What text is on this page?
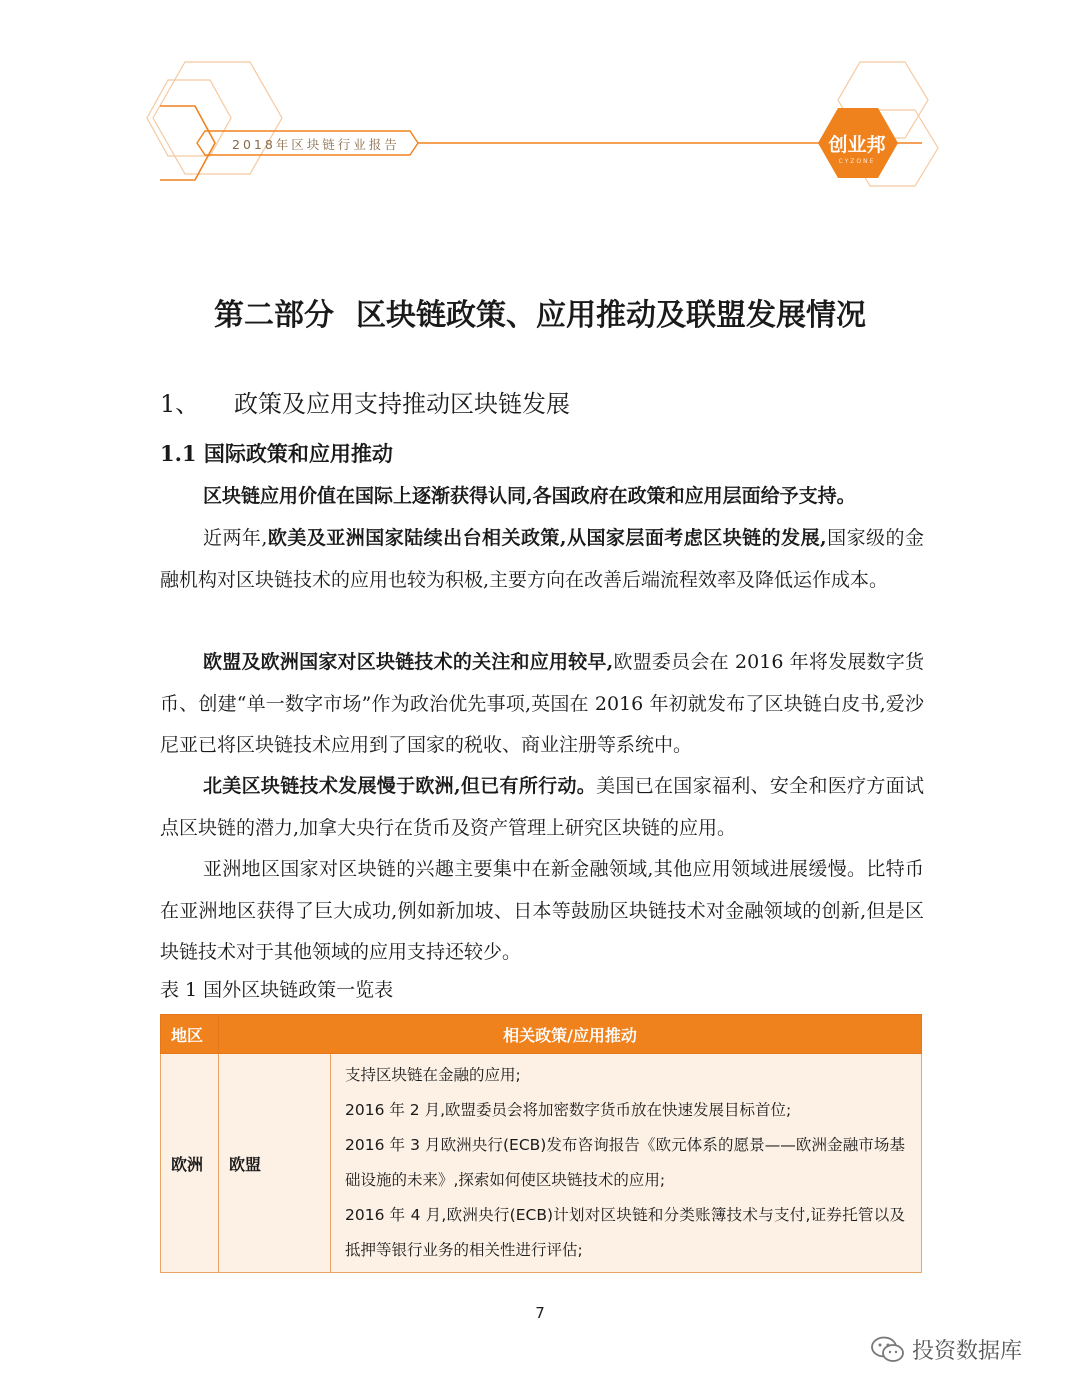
2018年区块链行业报告	创业邦
CYZONE
第二部分 区块链政策、应用推动及联盟发展情况
1、 政策及应用支持推动区块链发展
1.1 国际政策和应用推动

区块链应用价值在国际上逐渐获得认同,各国政府在政策和应用层面给予支持。

近两年,欧美及亚洲国家陆续出台相关政策,从国家层面考虑区块链的发展,国家级的金融机构对区块链技术的应用也较为积极,主要方向在改善后端流程效率及降低运作成本。

欧盟及欧洲国家对区块链技术的关注和应用较早,欧盟委员会在 2016 年将发展数字货币、创建“单一数字市场”作为政治优先事项,英国在 2016 年初就发布了区块链白皮书,爱沙尼亚已将区块链技术应用到了国家的税收、商业注册等系统中。

北美区块链技术发展慢于欧洲,但已有所行动。美国已在国家福利、安全和医疗方面试点区块链的潜力,加拿大央行在货币及资产管理上研究区块链的应用。

亚洲地区国家对区块链的兴趣主要集中在新金融领域,其他应用领域进展缓慢。比特币在亚洲地区获得了巨大成功,例如新加坡、日本等鼓励区块链技术对金融领域的创新,但是区块链技术对于其他领域的应用支持还较少。

表 1 国外区块链政策一览表
地区	相关政策/应用推动	
欧洲	欧盟	支持区块链在金融的应用;
2016 年 2 月,欧盟委员会将加密数字货币放在快速发展目标首位;
2016 年 3 月欧洲央行(ECB)发布咨询报告《欧元体系的愿景——欧洲金融市场基础设施的未来》,探索如何使区块链技术的应用;
2016 年 4 月,欧洲央行(ECB)计划对区块链和分类账簿技术与支付,证券托管以及抵押等银行业务的相关性进行评估;
7
投资数据库
